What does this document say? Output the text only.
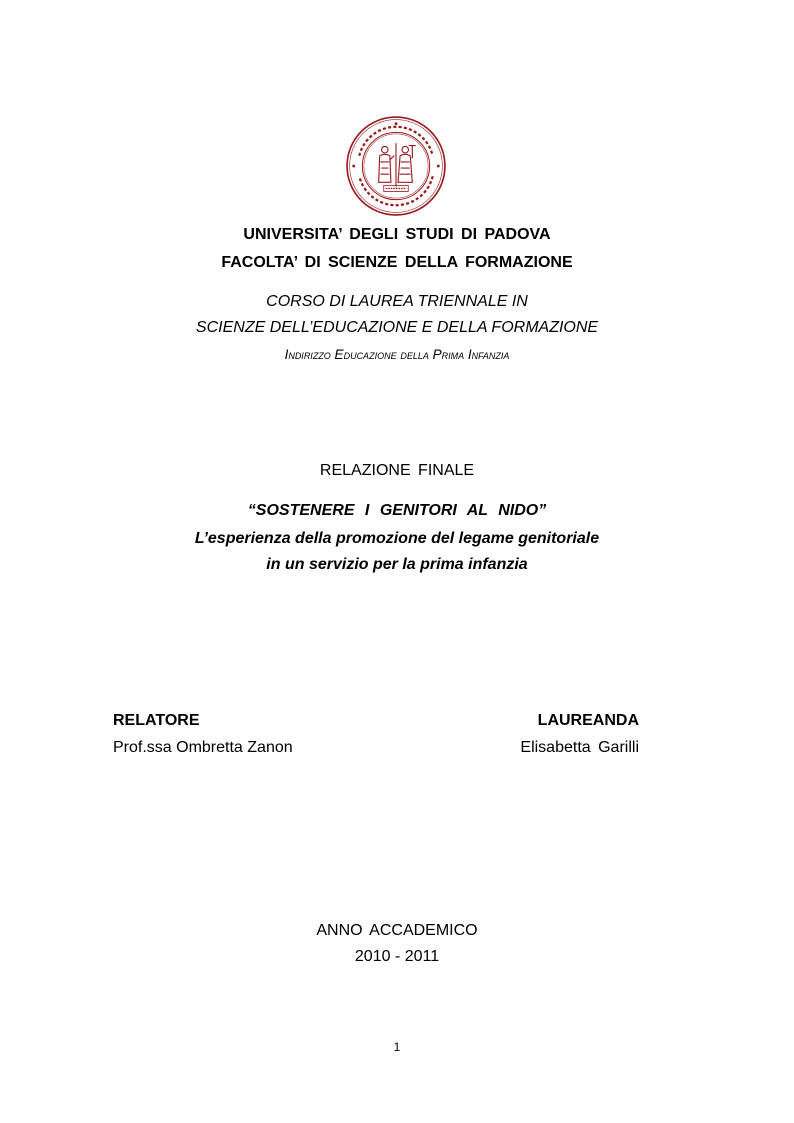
UNIVERSITA’ DEGLI STUDI DI PADOVA
FACOLTA’ DI SCIENZE DELLA FORMAZIONE
CORSO DI LAUREA TRIENNALE IN
SCIENZE DELL’EDUCAZIONE E DELLA FORMAZIONE
Indirizzo Educazione della Prima Infanzia
RELAZIONE FINALE
“SOSTENERE I GENITORI AL NIDO”
L’esperienza della promozione del legame genitoriale
in un servizio per la prima infanzia
RELATORE
Prof.ssa Ombretta Zanon
LAUREANDA
Elisabetta Garilli
ANNO ACCADEMICO
2010 - 2011
1
